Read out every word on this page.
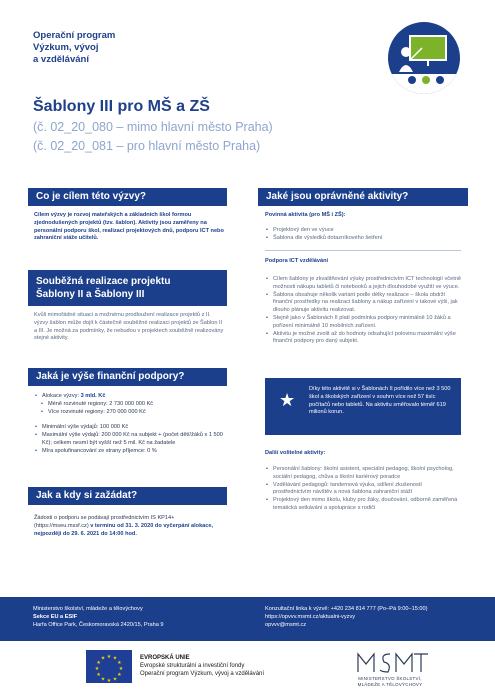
Operační program
Výzkum, vývoj
a vzdělávání
Šablony III pro MŠ a ZŠ
(č. 02_20_080 – mimo hlavní město Praha)
(č. 02_20_081 – pro hlavní město Praha)
Co je cílem této výzvy?
Cílem výzvy je rozvoj mateřských a základních škol formou zjednodušených projektů (tzv. šablon). Aktivity jsou zaměřeny na personální podporu škol, realizaci projektových dnů, podporu ICT nebo zahraniční stáže učitelů.
Souběžná realizace projektu
Šablony II a Šablony III
Kvůli mimořádné situaci a možnému prodloužení realizace projektů z II. výzvy šablon může dojít k částečně souběžné realizaci projektů ze Šablon II a III. Je možná za podmínky, že nebudou v projektech souběžně realizovány stejné aktivity.
Jaká je výše finanční podpory?
• Alokace výzvy: 3 mld. Kč
• Méně rozvinuté regiony: 2 730 000 000 Kč
• Více rozvinuté regiony: 270 000 000 Kč
• Minimální výše výdajů: 100 000 Kč
• Maximální výše výdajů: 200 000 Kč na subjekt + (počet dětí/žáků x 1 500 Kč); celkem nesmí být vyšší než 5 mil. Kč na žadatele
• Míra spolufinancování ze strany příjemce: 0 %
Jak a kdy si zažádat?
Žádosti o podporu se podávají prostřednictvím IS KP14+ (https://mseu.mssf.cz) v termínu od 31. 3. 2020 do vyčerpání alokace, nejpozději do 29. 6. 2021 do 14:00 hod.
Jaké jsou oprávněné aktivity?
Povinná aktivita (pro MŠ i ZŠ):
• Projektový den ve výuce
• Šablona dle výsledků dotazníkového šetření
Podpora ICT vzdělávání
• Cílem šablony je zkvalitňování výuky prostřednictvím ICT technologií včetně možnosti nákupu tabletů či notebooků a jejich dlouhodobé využití ve výuce.
• Šablona obsahuje několik variant podle délky realizace – škola obdrží finanční prostředky na realizaci šablony a nákup zařízení v takové výši, jak dlouho plánuje aktivitu realizovat.
• Stejně jako v Šablonách II platí podmínka podpory minimálně 10 žáků a pořízení minimálně 10 mobilních zařízení.
• Aktivitu je možné zvolit až do hodnoty odsahující polovinu maximální výše finanční podpory pro daný subjekt.
★
Díky této aktivitě si v Šablonách II pořídilo více než 3 500 škol a školských zařízení v souhrn více než 57 tisíc počítačů nebo tabletů. Na aktivitu směřovalo téměř 619 milionů korun.
Další volitelné aktivity:
• Personální šablony: školní asistent, speciální pedagog, školní psycholog, sociální pedagog, chůva a školní kariérový poradce
• Vzdělávání pedagogů: tandemová výuka, sdílení zkušeností prostřednictvím návštěv a nová šablona zahraniční stáží
• Projektový den mimo školu, kluby pro žáky, doučování, odborně zaměřená tematická setkávání a spolupráce s rodiči
Ministerstvo školství, mládeže a tělovýchovy
Sekce EU a ESIF
Harfa Office Park, Českomoravská 2420/15, Praha 9
Konzultační linka k výzvě: +420 234 814 777 (Po–Pá 9:00–15:00)
https://opvvv.msmt.cz/aktualni-vyzvy
opvvv@msmt.cz
★ ★
★
★
★
★
★
★
★
★
★
★	EVROPSKÁ UNIE
Evropské strukturální a investiční fondy
Operační program Výzkum, vývoj a vzdělávání
MINISTERSTVO ŠKOLSTVÍ,
MLÁDEŽE A TĚLOVÝCHOVY
